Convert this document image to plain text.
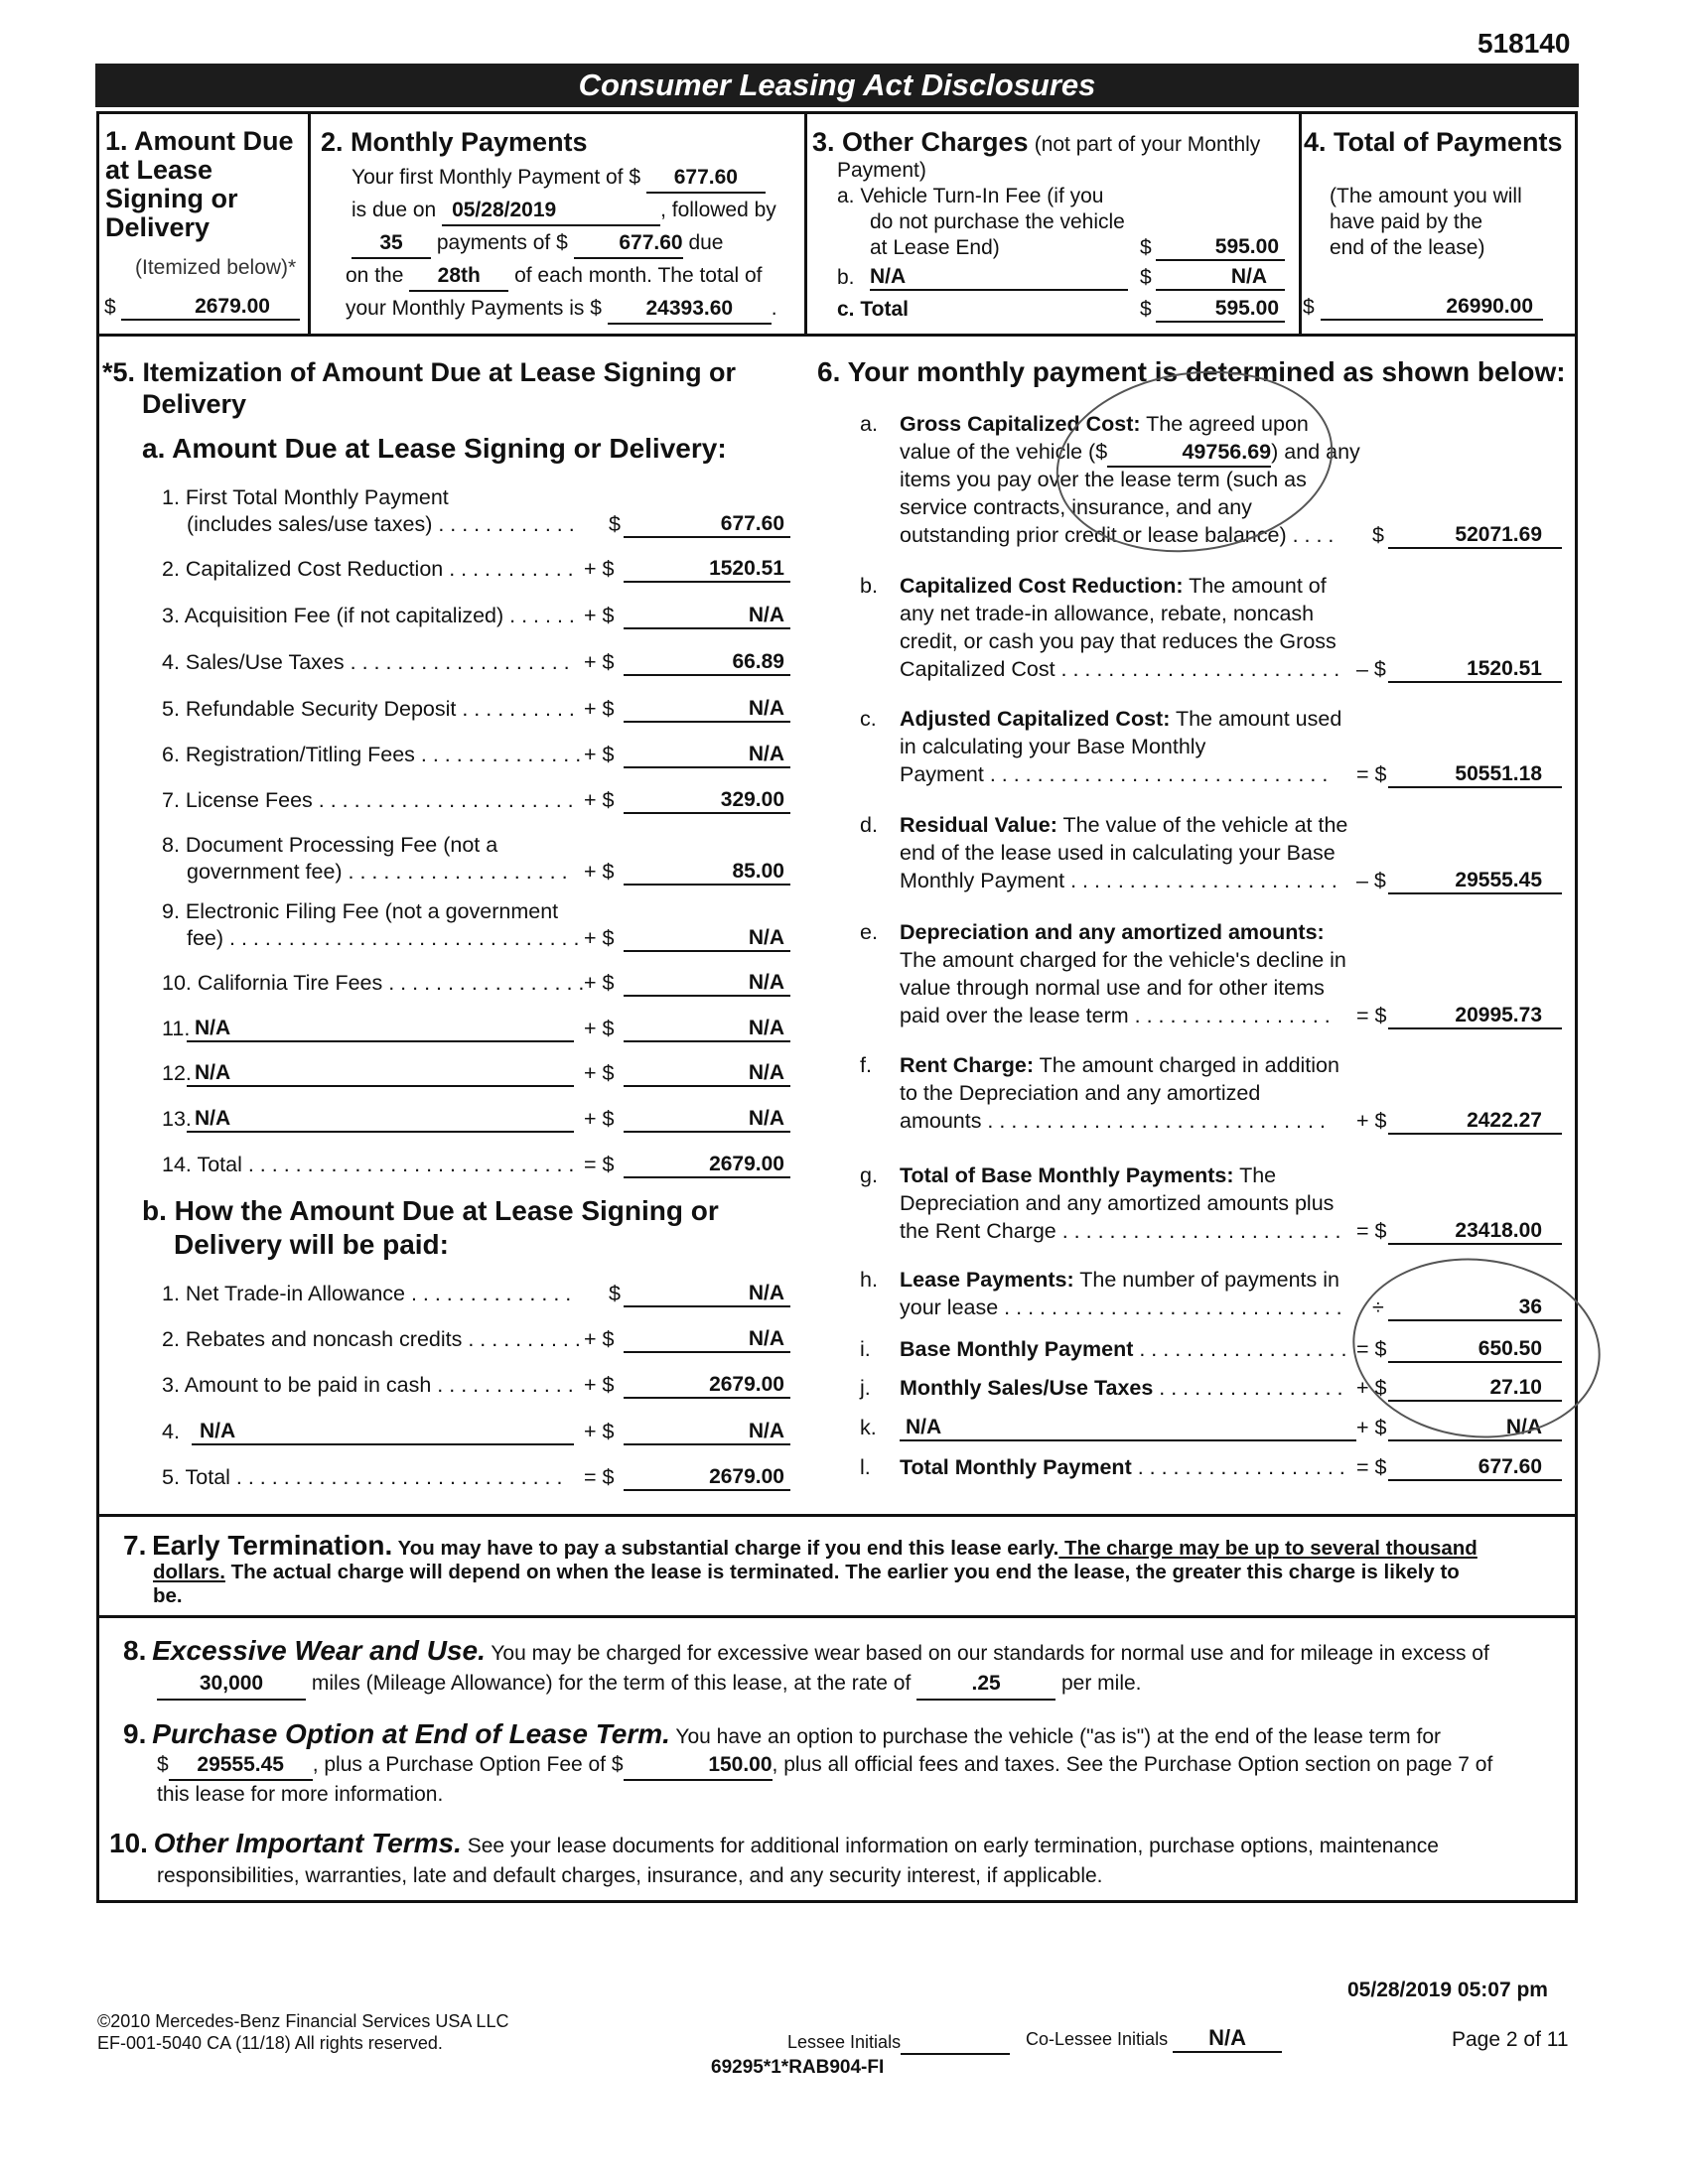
518140
Consumer Leasing Act Disclosures
1. Amount Due at Lease Signing or Delivery
(Itemized below)*
$	2679.00
2. Monthly Payments
Your first Monthly Payment of $ 677.60
is due on 05/28/2019	, followed by
35 payments of $ 677.60 due
on the 28th of each month. The total of
your Monthly Payments is $ 24393.60 .
3. Other Charges (not part of your Monthly
Payment)
a. Vehicle Turn-In Fee (if you
do not purchase the vehicle
at Lease End)	$	595.00
b. N/A	$	N/A
c. Total	$	595.00
4. Total of Payments
(The amount you will
have paid by the
end of the lease)
$	26990.00
*5. Itemization of Amount Due at Lease Signing or
Delivery
a. Amount Due at Lease Signing or Delivery:
1. First Total Monthly Payment
(includes sales/use taxes) . . . . . . . . . . . . $	677.60
2. Capitalized Cost Reduction . . . . . . . . . . . + $	1520.51
3. Acquisition Fee (if not capitalized) . . . . . . + $	N/A
4. Sales/Use Taxes . . . . . . . . . . . . . . . . . . . + $	66.89
5. Refundable Security Deposit . . . . . . . . . . + $	N/A
6. Registration/Titling Fees . . . . . . . . . . . . . . + $	N/A
7. License Fees . . . . . . . . . . . . . . . . . . . . . . + $	329.00
8. Document Processing Fee (not a
government fee) . . . . . . . . . . . . . . . . . . . + $	85.00
9. Electronic Filing Fee (not a government
fee) . . . . . . . . . . . . . . . . . . . . . . . . . . . . . . + $	N/A
10. California Tire Fees . . . . . . . . . . . . . . . . . + $	N/A
11. N/A	+ $	N/A
12. N/A	+ $	N/A
13. N/A	+ $	N/A
14. Total . . . . . . . . . . . . . . . . . . . . . . . . . . . . = $	2679.00
b. How the Amount Due at Lease Signing or
Delivery will be paid:
1. Net Trade-in Allowance . . . . . . . . . . . . . . $	N/A
2. Rebates and noncash credits . . . . . . . . . . + $	N/A
3. Amount to be paid in cash . . . . . . . . . . . . + $	2679.00
4. N/A	+ $	N/A
5. Total . . . . . . . . . . . . . . . . . . . . . . . . . . . . = $	2679.00
6. Your monthly payment is determined as shown below:
a. Gross Capitalized Cost: The agreed upon
value of the vehicle ($	49756.69) and any
items you pay over the lease term (such as
service contracts, insurance, and any
outstanding prior credit or lease balance) . . . . $	52071.69
b. Capitalized Cost Reduction: The amount of
any net trade-in allowance, rebate, noncash
credit, or cash you pay that reduces the Gross
Capitalized Cost . . . . . . . . . . . . . . . . . . . . . . . . – $	1520.51
c. Adjusted Capitalized Cost: The amount used
in calculating your Base Monthly
Payment . . . . . . . . . . . . . . . . . . . . . . . . . . . . . = $	50551.18
d. Residual Value: The value of the vehicle at the
end of the lease used in calculating your Base
Monthly Payment . . . . . . . . . . . . . . . . . . . . . . . – $	29555.45
e. Depreciation and any amortized amounts:
The amount charged for the vehicle's decline in
value through normal use and for other items
paid over the lease term . . . . . . . . . . . . . . . . . = $	20995.73
f. Rent Charge: The amount charged in addition
to the Depreciation and any amortized
amounts . . . . . . . . . . . . . . . . . . . . . . . . . . . . . + $	2422.27
g. Total of Base Monthly Payments: The
Depreciation and any amortized amounts plus
the Rent Charge . . . . . . . . . . . . . . . . . . . . . . . . = $	23418.00
h. Lease Payments: The number of payments in
your lease . . . . . . . . . . . . . . . . . . . . . . . . . . . . . ÷	36
i. Base Monthly Payment . . . . . . . . . . . . . . . . . . = $	650.50
j. Monthly Sales/Use Taxes . . . . . . . . . . . . . . . . + $	27.10
k. N/A	+ $	N/A
l. Total Monthly Payment . . . . . . . . . . . . . . . . . . = $	677.60
7. Early Termination. You may have to pay a substantial charge if you end this lease early. The charge may be up to several thousand
dollars. The actual charge will depend on when the lease is terminated. The earlier you end the lease, the greater this charge is likely to
be.
8. Excessive Wear and Use. You may be charged for excessive wear based on our standards for normal use and for mileage in excess of
30,000 miles (Mileage Allowance) for the term of this lease, at the rate of	.25	per mile.
9. Purchase Option at End of Lease Term. You have an option to purchase the vehicle ("as is") at the end of the lease term for
$ 29555.45 , plus a Purchase Option Fee of $	150.00, plus all official fees and taxes. See the Purchase Option section on page 7 of
this lease for more information.
10. Other Important Terms. See your lease documents for additional information on early termination, purchase options, maintenance
responsibilities, warranties, late and default charges, insurance, and any security interest, if applicable.
05/28/2019 05:07 pm
©2010 Mercedes-Benz Financial Services USA LLC
EF-001-5040 CA (11/18) All rights reserved.	Lessee Initials	Co-Lessee Initials N/A
69295*1*RAB904-FI
Page 2 of 11
